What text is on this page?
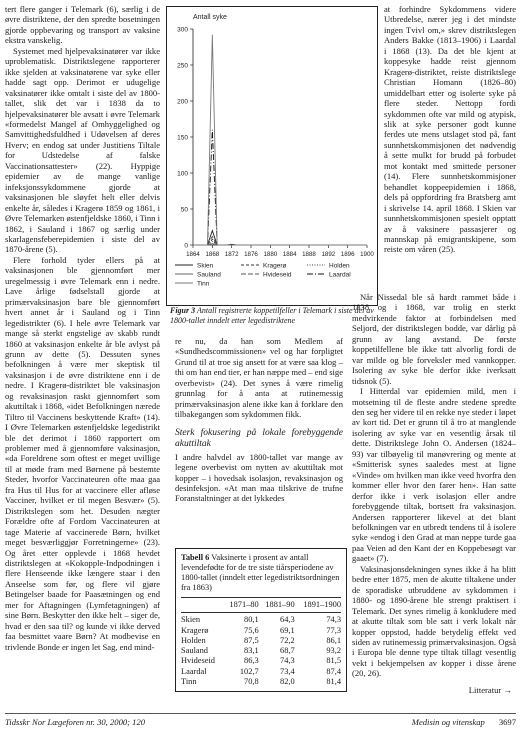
tert flere ganger i Telemark (6), særlig i de øvre distriktene, der den spredte bosetningen gjorde oppbevaring og transport av vaksine ekstra vanskelig.

Systemet med hjelpevaksinatører var ikke uproblematisk. Distriktslegene rapporterer ikke sjelden at vaksinatørene var syke eller hadde sagt opp. Derimot er udugelige vaksinatører ikke omtalt i siste del av 1800-tallet, slik det var i 1838 da to hjelpevaksinatører ble avsatt i øvre Telemark «formedelst Mangel af Omhyggelighed og Samvittighedsfuldhed i Udøvelsen af deres Hverv; en endog sat under Justitiens Tiltale for Udstedelse af falske Vaccinationsattester» (22). Hyppige epidemier av de mange vanlige infeksjonssykdommene gjorde at vaksinasjonen ble sløyfet helt eller delvis enkelte år, således i Kragerø 1859 og 1861, i Øvre Telemarken østenfjeldske 1860, i Tinn i 1862, i Sauland i 1867 og særlig under skarlagensfeberepidemien i siste del av 1870-årene (5).

Flere forhold tyder ellers på at vaksinasjonen ble gjennomført mer uregelmessig i øvre Telemark enn i nedre. Lave årlige fødselstall gjorde at primærvaksinasjon bare ble gjennomført hvert annet år i Sauland og i Tinn legedistrikter (6). I hele øvre Telemark var mange så sterkt engstelige av skabb rundt 1860 at vaksinasjon enkelte år ble avlyst på grunn av dette (5). Dessuten synes befolkningen å være mer skeptisk til vaksinasjon i de øvre distriktene enn i de nedre. I Kragerø-distriktet ble vaksinasjon og revaksinasjon raskt gjennomført som akuttiltak i 1868, «idet Befolkningen nærede Tiltro til Vaccinens beskyttende Kraft» (14). I Øvre Telemarken østenfjeldske legedistrikt ble det derimot i 1860 rapportert om problemer med å gjennomføre vaksinasjon, «da Foreldrene som oftest er meget uvillige til at møde fram med Børnene på bestemte Steder, hvorfor Vaccinateuren ofte maa gaa fra Hus til Hus for at vaccinere eller afløse Vacciner, hvilket er til megen Besvær» (5). Distriktslegen som het. Desuden nægter Forældre ofte af Fordom Vaccinateuren at tage Materie af vaccinerede Børn, hvilket meget besværliggjør Forretningerne» (23). Og året etter opplevde i 1868 hevdet distriktslegen at «Kokopple-Indpodningen i flere Henseende ikke længere staar i den Anseelse som før, og flere vil gjøre Betingelser baade for Paasætningen og end mer for Aftagningen (Lymfetagningen) af sine Børn. Beskytter den ikke helt – siger de, hvad er den saa til? og kunde vi ikke derved faa besmittet vaare Børn? At modbevise en trivlende Bonde er ingen let Sag, end mind-

Antall syke
0
50
100
150
200
250
300
1864 1868 1872 1876 1880 1884 1888 1892 1896 1900
Skien	Kragerø	Holden
Sauland	Hvideseid	Laardal
Tinn

at forhindre Sykdommens videre Utbredelse, nærer jeg i det mindste ingen Tvivl om,» skrev distriktslegen Anders Bakke (1813–1906) i Laardal i 1868 (13). Da det ble kjent at koppesyke hadde reist gjennom Kragerø-distriktet, reiste distriktslege Christian Homann (1826–80) umiddelbart etter og isolerte syke på flere steder. Nettopp fordi sykdommen ofte var mild og atypisk, slik at syke personer godt kunne ferdes ute mens utslaget stod på, fant sunnhetskommisjonen det nødvendig å sette mulkt for brudd på forbudet mot kontakt med smittede personer (14). Flere sunnhetskommisjoner behandlet koppeepidemien i 1868, dels på oppfordring fra Bratsberg amt i skrivelse 14. april 1868. I Skien var sunnhetskommisjonen spesielt opptatt av å vaksinere passasjerer og mannskap på emigrantskipene, som reiste om våren (25).

Når Nissedal ble så hardt rammet både i 1838 og i 1868, var trolig en sterkt medvirkende faktor at forbindelsen med Seljord, der distriktslegen bodde, var dårlig på grunn av lang avstand. De første koppetilfellene ble ikke tatt alvorlig fordi de var milde og ble forveksler med vannkopper. Isolering av syke ble derfor ikke iverksatt tidsnok (5).

I Hitterdal var epidemien mild, men i motsetning til de fleste andre stedene spredte den seg her videre til en rekke nye steder i løpet av kort tid. Det er grunn til å tro at manglende isolering av syke var en vesentlig årsak til dette. Distriktslege John O. Andersen (1824–93) var tilbøyelig til manøvrering og mente at «Smitterisk synes saaledes mest at ligne «Vinde» om hvilken man ikke veed hvorfra den kommer eller hvor den farer hen». Han satte derfor ikke i verk isolasjon eller andre forebyggende tiltak, bortsett fra vaksinasjon. Andersen rapporterer likevel at det blant befolkningen var en utbredt tendens til å isolere syke «endog i den Grad at man neppe turde gaa paa Veien ad den Kant der en Koppebesøgt var gaaet» (7).

Vaksinasjonsdekningen synes ikke å ha blitt bedre etter 1875, men de akutte tiltakene under de sporadiske utbruddene av sykdommen i 1880- og 1890-årene ble strengt praktisert i Telemark. Det synes rimelig å konkludere med at akutte tiltak som ble satt i verk lokalt når kopper oppstod, hadde betydelig effekt ved siden av rutinemessig primærvaksinasjon. Også i Europa ble denne type tiltak tillagt vesentlig vekt i bekjempelsen av kopper i disse årene (20, 26).

Figur 3 Antall registrerte koppetilfeller i Telemark i siste del av 1800-tallet inndelt etter legedistriktene

re nu, da han som Medlem af «Sundhedscommissionen» vel og har forpligtet Grund til at troe sig ansett for at være saa klog – thi om han end tier, er han næppe med – end sige overbevist» (24). Det synes å være rimelig grunnlag for å anta at rutinemessig primærvaksinasjon alene ikke kan å forklare den tilbakegangen som sykdommen fikk.

Sterk fokusering på lokale forebyggende akuttiltak

I andre halvdel av 1800-tallet var mange av legene overbevist om nytten av akuttiltak mot kopper – i hovedsak isolasjon, revaksinasjon og desinfeksjon. «At man maa tilskrive de trufne Foranstaltninger at det lykkedes

Tabell 6 Vaksinerte i prosent av antall levendefødte for de tre siste tiårsperiodene av 1800-tallet (inndelt etter legedistriktsordningen fra 1863)
	1871–80	1881–90	1891–1900
Skien	80,1	64,3	74,3
Kragerø	75,6	69,1	77,3
Holden	87,5	72,2	86,1
Sauland	83,1	68,7	93,2
Hvideseid	86,3	74,3	81,5
Laardal	102,7	73,4	87,4
Tinn	70,8	82,0	81,4
Litteratur →
Tidsskr Nor Lægeforen nr. 30, 2000; 120	Medisin og vitenskap 3697
